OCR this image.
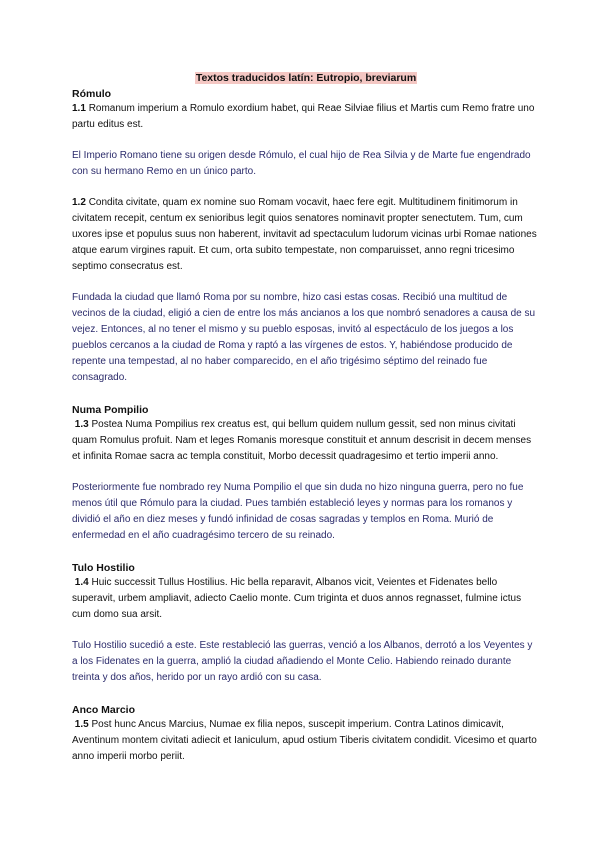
Textos traducidos latín: Eutropio, breviarum
Rómulo

1.1 Romanum imperium a Romulo exordium habet, qui Reae Silviae filius et Martis cum Remo fratre uno partu editus est.

El Imperio Romano tiene su origen desde Rómulo, el cual hijo de Rea Silvia y de Marte fue engendrado con su hermano Remo en un único parto.

1.2 Condita civitate, quam ex nomine suo Romam vocavit, haec fere egit. Multitudinem finitimorum in civitatem recepit, centum ex senioribus legit quios senatores nominavit propter senectutem. Tum, cum uxores ipse et populus suus non haberent, invitavit ad spectaculum ludorum vicinas urbi Romae nationes atque earum virgines rapuit. Et cum, orta subito tempestate, non comparuisset, anno regni tricesimo septimo consecratus est.

Fundada la ciudad que llamó Roma por su nombre, hizo casi estas cosas. Recibió una multitud de vecinos de la ciudad, eligió a cien de entre los más ancianos a los que nombró senadores a causa de su vejez. Entonces, al no tener el mismo y su pueblo esposas, invitó al espectáculo de los juegos a los pueblos cercanos a la ciudad de Roma y raptó a las vírgenes de estos. Y, habiéndose producido de repente una tempestad, al no haber comparecido, en el año trigésimo séptimo del reinado fue consagrado.

Numa Pompilio

1.3 Postea Numa Pompilius rex creatus est, qui bellum quidem nullum gessit, sed non minus civitati quam Romulus profuit. Nam et leges Romanis moresque constituit et annum descrisit in decem menses et infinita Romae sacra ac templa constituit, Morbo decessit quadragesimo et tertio imperii anno.

Posteriormente fue nombrado rey Numa Pompilio el que sin duda no hizo ninguna guerra, pero no fue menos útil que Rómulo para la ciudad. Pues también estableció leyes y normas para los romanos y dividió el año en diez meses y fundó infinidad de cosas sagradas y templos en Roma. Murió de enfermedad en el año cuadragésimo tercero de su reinado.

Tulo Hostilio

1.4 Huic successit Tullus Hostilius. Hic bella reparavit, Albanos vicit, Veientes et Fidenates bello superavit, urbem ampliavit, adiecto Caelio monte. Cum triginta et duos annos regnasset, fulmine ictus cum domo sua arsit.

Tulo Hostilio sucedió a este. Este restableció las guerras, venció a los Albanos, derrotó a los Veyentes y a los Fidenates en la guerra, amplió la ciudad añadiendo el Monte Celio. Habiendo reinado durante treinta y dos años, herido por un rayo ardió con su casa.

Anco Marcio

1.5 Post hunc Ancus Marcius, Numae ex filia nepos, suscepit imperium. Contra Latinos dimicavit, Aventinum montem civitati adiecit et Ianiculum, apud ostium Tiberis civitatem condidit. Vicesimo et quarto anno imperii morbo periit.
